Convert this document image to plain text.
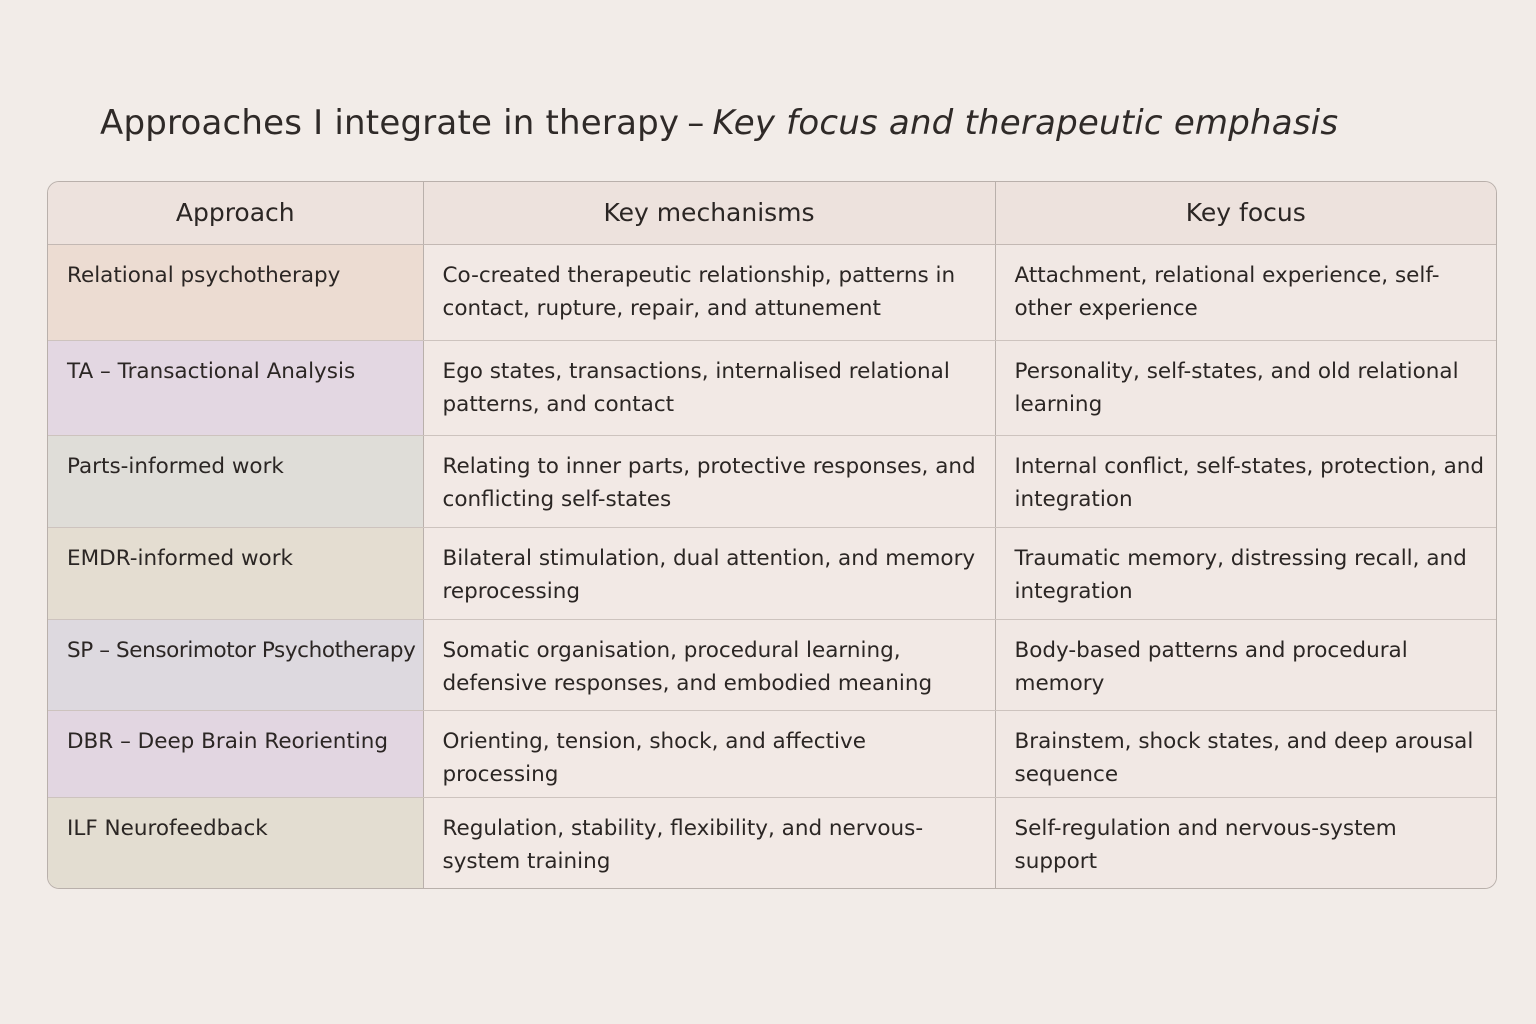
Approaches I integrate in therapy – Key focus and therapeutic emphasis
Approach	Key mechanisms	Key focus
Relational psychotherapy	Co-created therapeutic relationship, patterns in contact, rupture, repair, and attunement	Attachment, relational experience, self-other experience
TA – Transactional Analysis	Ego states, transactions, internalised relational patterns, and contact	Personality, self-states, and old relational learning
Parts-informed work	Relating to inner parts, protective responses, and conflicting self-states	Internal conflict, self-states, protection, and integration
EMDR-informed work	Bilateral stimulation, dual attention, and memory reprocessing	Traumatic memory, distressing recall, and integration
SP – Sensorimotor Psychotherapy	Somatic organisation, procedural learning, defensive responses, and embodied meaning	Body-based patterns and procedural memory
DBR – Deep Brain Reorienting	Orienting, tension, shock, and affective processing	Brainstem, shock states, and deep arousal sequence
ILF Neurofeedback	Regulation, stability, flexibility, and nervous-system training	Self-regulation and nervous-system support
